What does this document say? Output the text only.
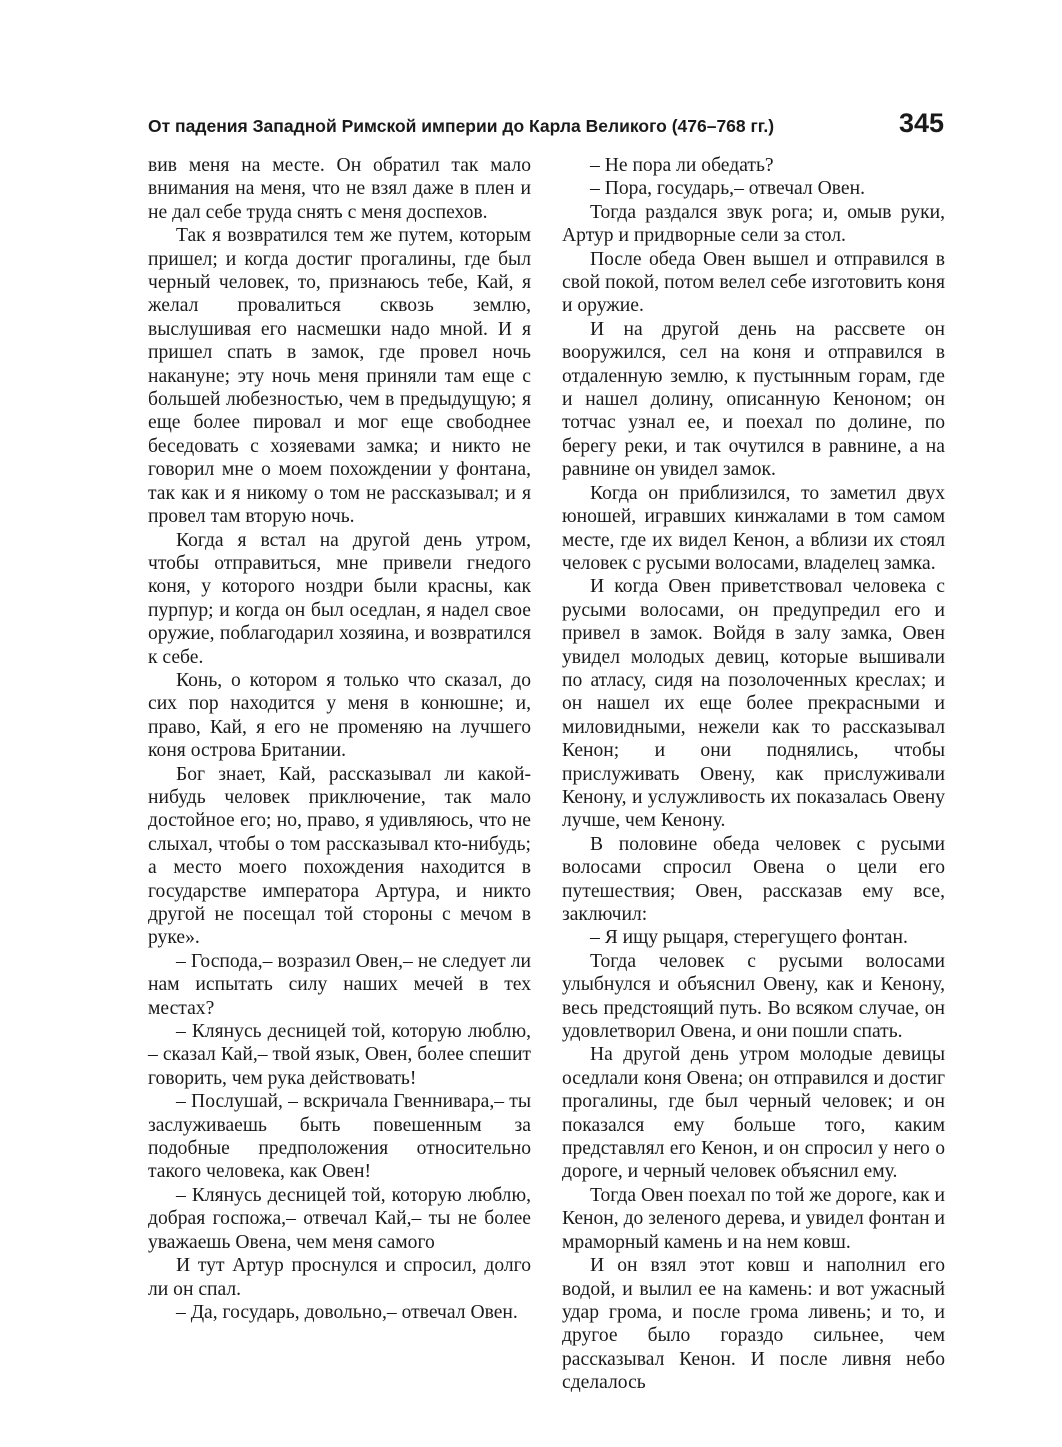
От падения Западной Римской империи до Карла Великого (476–768 гг.)	345

вив меня на месте. Он обратил так мало внимания на меня, что не взял даже в плен и не дал себе труда снять с меня доспехов.

Так я возвратился тем же путем, которым пришел; и когда достиг прогалины, где был черный человек, то, признаюсь тебе, Кай, я желал провалиться сквозь землю, выслушивая его насмешки надо мной. И я пришел спать в замок, где провел ночь накануне; эту ночь меня приняли там еще с большей любезностью, чем в предыдущую; я еще более пировал и мог еще свободнее беседовать с хозяевами замка; и никто не говорил мне о моем похождении у фонтана, так как и я никому о том не рассказывал; и я провел там вторую ночь.

Когда я встал на другой день утром, чтобы отправиться, мне привели гнедого коня, у которого ноздри были красны, как пурпур; и когда он был оседлан, я надел свое оружие, поблагодарил хозяина, и возвратился к себе.

Конь, о котором я только что сказал, до сих пор находится у меня в конюшне; и, право, Кай, я его не променяю на лучшего коня острова Британии.

Бог знает, Кай, рассказывал ли какой-нибудь человек приключение, так мало достойное его; но, право, я удивляюсь, что не слыхал, чтобы о том рассказывал кто-нибудь; а место моего похождения находится в государстве императора Артура, и никто другой не посещал той стороны с мечом в руке».

– Господа,– возразил Овен,– не следует ли нам испытать силу наших мечей в тех местах?

– Клянусь десницей той, которую люблю, – сказал Кай,– твой язык, Овен, более спешит говорить, чем рука действовать!

– Послушай, – вскричала Гвеннивара,– ты заслуживаешь быть повешенным за подобные предположения относительно такого человека, как Овен!

– Клянусь десницей той, которую люблю, добрая госпожа,– отвечал Кай,– ты не более уважаешь Овена, чем меня самого

И тут Артур проснулся и спросил, долго ли он спал.

– Да, государь, довольно,– отвечал Овен.

– Не пора ли обедать?

– Пора, государь,– отвечал Овен.

Тогда раздался звук рога; и, омыв руки, Артур и придворные сели за стол.

После обеда Овен вышел и отправился в свой покой, потом велел себе изготовить коня и оружие.

И на другой день на рассвете он вооружился, сел на коня и отправился в отдаленную землю, к пустынным горам, где и нашел долину, описанную Кеноном; он тотчас узнал ее, и поехал по долине, по берегу реки, и так очутился в равнине, а на равнине он увидел замок.

Когда он приблизился, то заметил двух юношей, игравших кинжалами в том самом месте, где их видел Кенон, а вблизи их стоял человек с русыми волосами, владелец замка.

И когда Овен приветствовал человека с русыми волосами, он предупредил его и привел в замок. Войдя в залу замка, Овен увидел молодых девиц, которые вышивали по атласу, сидя на позолоченных креслах; и он нашел их еще более прекрасными и миловидными, нежели как то рассказывал Кенон; и они поднялись, чтобы прислуживать Овену, как прислуживали Кенону, и услужливость их показалась Овену лучше, чем Кенону.

В половине обеда человек с русыми волосами спросил Овена о цели его путешествия; Овен, рассказав ему все, заключил:

– Я ищу рыцаря, стерегущего фонтан.

Тогда человек с русыми волосами улыбнулся и объяснил Овену, как и Кенону, весь предстоящий путь. Во всяком случае, он удовлетворил Овена, и они пошли спать.

На другой день утром молодые девицы оседлали коня Овена; он отправился и достиг прогалины, где был черный человек; и он показался ему больше того, каким представлял его Кенон, и он спросил у него о дороге, и черный человек объяснил ему.

Тогда Овен поехал по той же дороге, как и Кенон, до зеленого дерева, и увидел фонтан и мраморный камень и на нем ковш.

И он взял этот ковш и наполнил его водой, и вылил ее на камень: и вот ужасный удар грома, и после грома ливень; и то, и другое было гораздо сильнее, чем рассказывал Кенон. И после ливня небо сделалось
